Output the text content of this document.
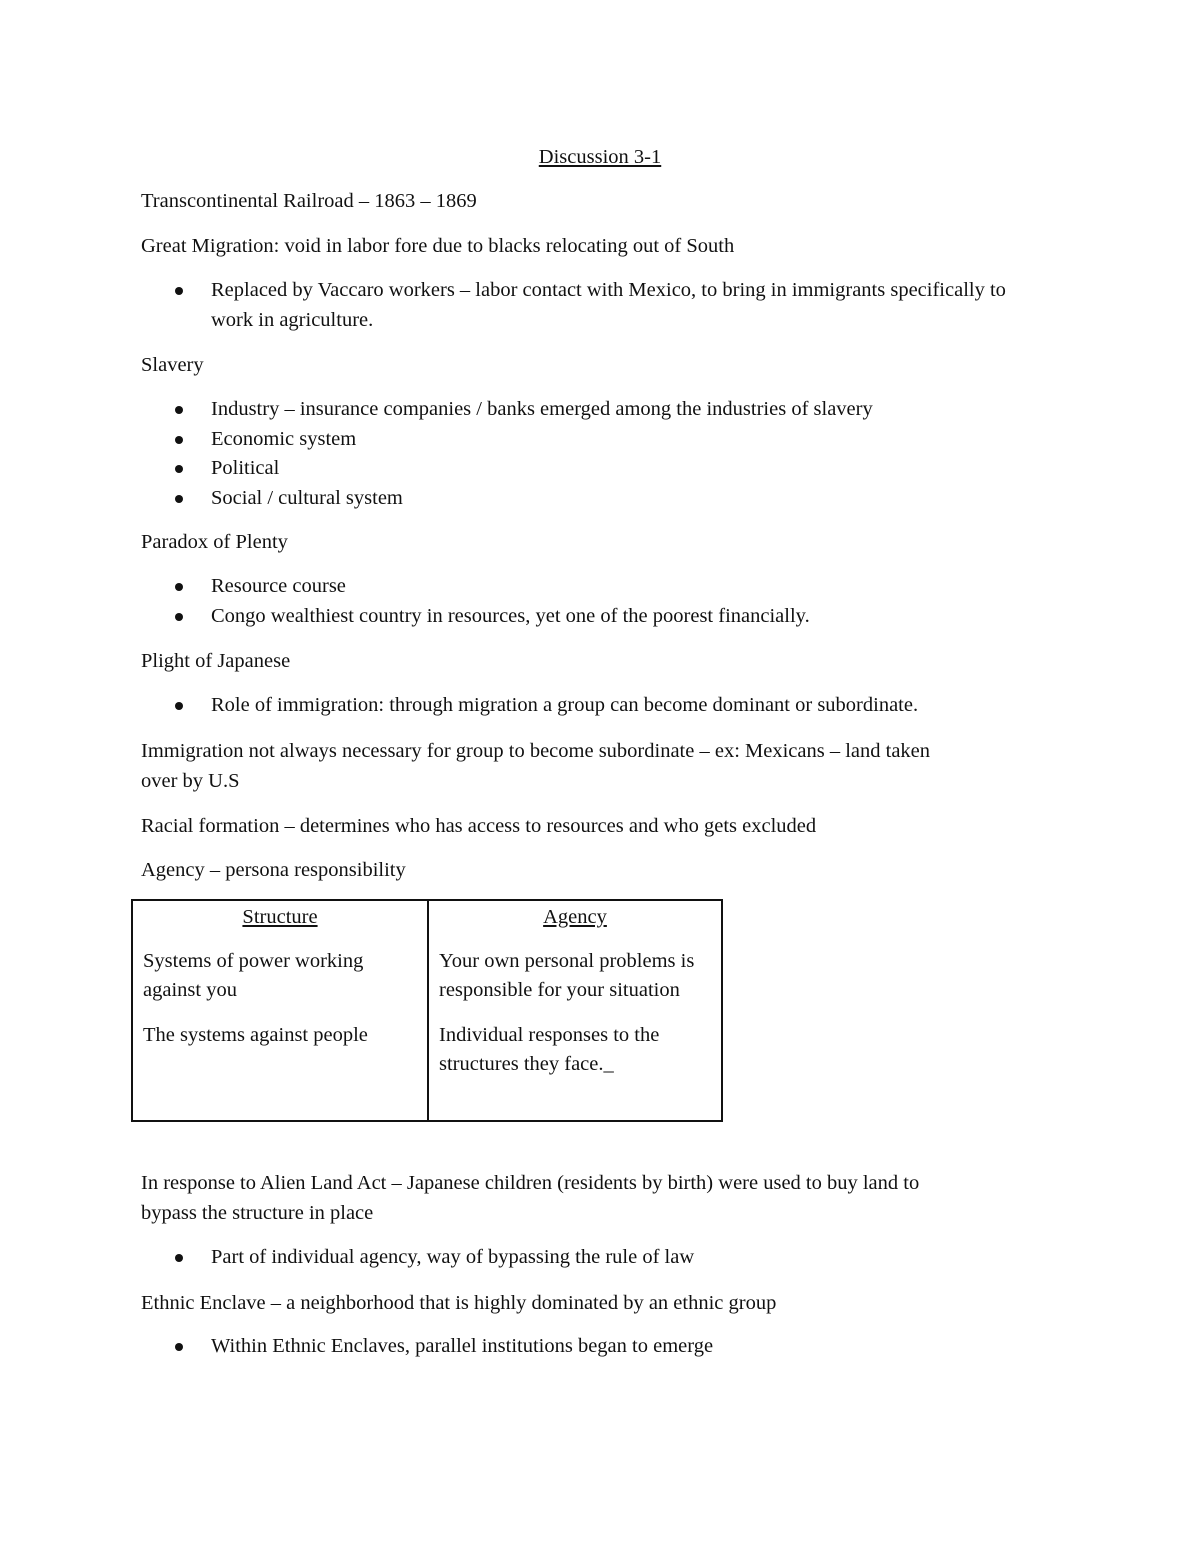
Discussion 3-1

Transcontinental Railroad – 1863 – 1869

Great Migration: void in labor fore due to blacks relocating out of South

Replaced by Vaccaro workers – labor contact with Mexico, to bring in immigrants specifically to work in agriculture.

Slavery

Industry – insurance companies / banks emerged among the industries of slavery
Economic system
Political
Social / cultural system

Paradox of Plenty

Resource course
Congo wealthiest country in resources, yet one of the poorest financially.

Plight of Japanese

Role of immigration: through migration a group can become dominant or subordinate.

Immigration not always necessary for group to become subordinate – ex: Mexicans – land taken

over by U.S

Racial formation – determines who has access to resources and who gets excluded

Agency – persona responsibility

Structure

Systems of power working against you

The systems against people

Agency

Your own personal problems is responsible for your situation

Individual responses to the structures they face._

In response to Alien Land Act – Japanese children (residents by birth) were used to buy land to

bypass the structure in place

Part of individual agency, way of bypassing the rule of law

Ethnic Enclave – a neighborhood that is highly dominated by an ethnic group

Within Ethnic Enclaves, parallel institutions began to emerge
